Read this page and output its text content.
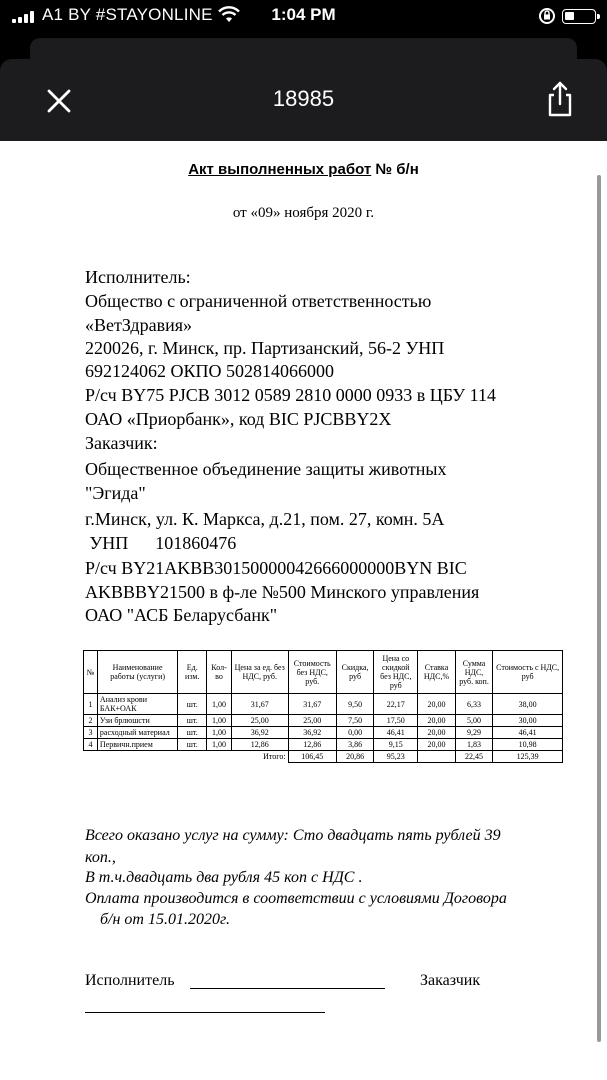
A1 BY #STAYONLINE	1:04 PM
18985
Акт выполненных работ № б/н
от «09» ноября 2020 г.
Исполнитель:
Общество с ограниченной ответственностью
«ВетЗдравия»
220026, г. Минск, пр. Партизанский, 56-2 УНП
692124062 ОКПО 502814066000
Р/сч BY75 PJCB 3012 0589 2810 0000 0933 в ЦБУ 114
ОАО «Приорбанк», код BIC PJCBBY2X
Заказчик:
Общественное объединение защиты животных
"Эгида"
г.Минск, ул. К. Маркса, д.21, пом. 27, комн. 5А
УНП      101860476
Р/сч BY21AKBB30150000042666000000BYN BIC
AKBBBY21500 в ф-ле №500 Минского управления
ОАО "АСБ Беларусбанк"
№	Наименование работы (услуги)	Ед. изм.	Кол-во	Цена за ед. без НДС, руб.	Стоимость без НДС, руб.	Скидка, руб	Цена со скидкой без НДС, руб	Ставка НДС,%	Сумма НДС, руб. коп.	Стоимость с НДС, руб
1	Анализ крови БАК+ОАК	шт.	1,00	31,67	31,67	9,50	22,17	20,00	6,33	38,00
2	Узи брлюшсти	шт.	1,00	25,00	25,00	7,50	17,50	20,00	5,00	30,00
3	расходный материал	шт.	1,00	36,92	36,92	0,00	46,41	20,00	9,29	46,41
4	Первичн.прием	шт.	1,00	12,86	12,86	3,86	9,15	20,00	1,83	10,98
				Итого:	106,45	20,86	95,23		22,45	125,39
Всего оказано услуг на сумму: Сто двадцать пять рублей 39
коп.,
В т.ч.двадцать два рубля 45 коп с НДС .
Оплата производится в соответствии с условиями Договора
б/н от 15.01.2020г.
Исполнитель	Заказчик
